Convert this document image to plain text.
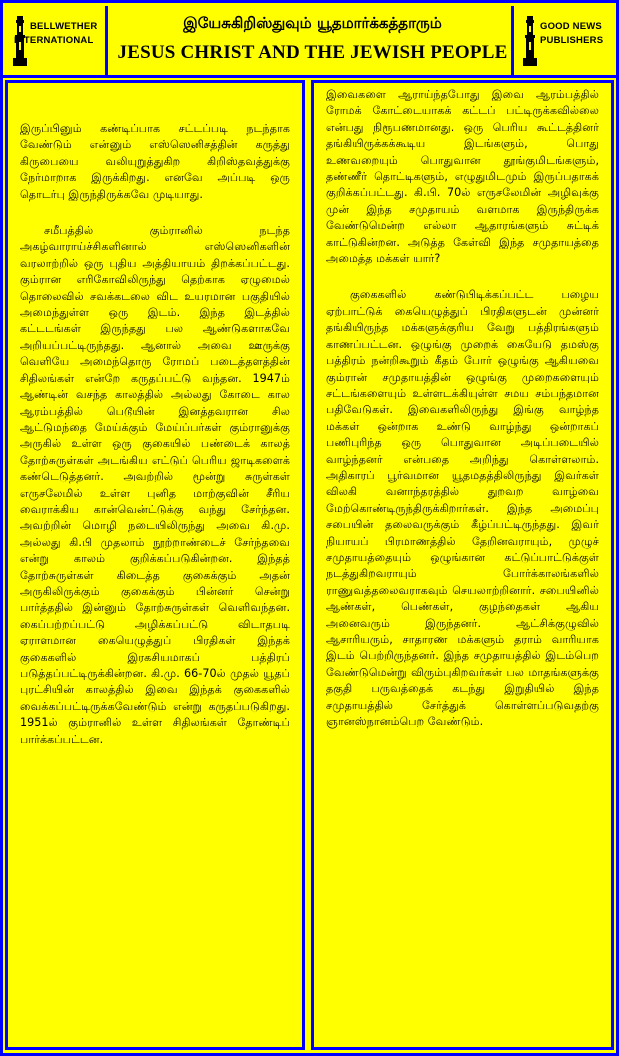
BELLWETHER
INTERNATIONAL
இயேசுகிறிஸ்துவும் யூதமார்க்கத்தாரும்
JESUS CHRIST AND THE JEWISH PEOPLE
GOOD NEWS
PUBLISHERS

இருப்பினும் கண்டிப்பாக சட்டப்படி நடந்தாக வேண்டும் என்னும் எஸ்ஸெனிசத்தின் கருத்து கிருபையை வலியுறுத்துகிற கிறிஸ்தவத்துக்கு நேர்மாறாக இருக்கிறது. எனவே அப்படி ஒரு தொடர்பு இருந்திருக்கவே முடியாது.

சமீபத்தில் கும்ரானில் நடந்த அகழ்வாராய்ச்சிகளினால் எஸ்ஸெனிகளின் வரலாற்றில் ஒரு புதிய அத்தியாயம் திறக்கப்பட்டது. கும்ரான எரிகோவிலிருந்து தெற்காக ஏழுமைல் தொலைவில் சவக்கடலை விட உயரமான பகுதியில் அமைந்துள்ள ஒரு இடம். இந்த இடத்தில் கட்டடங்கள் இருந்தது பல ஆண்டுகளாகவே அறியப்பட்டிருந்தது. ஆனால் அவை ஊருக்கு வெளியே அமைந்தொரு ரோமப் படைத்தளத்தின் சிதிலங்கள் என்றே கருதப்பட்டு வந்தன. 1947ம் ஆண்டின் வசந்த காலத்தில் அல்லது கோடை கால ஆரம்பத்தில் பெடூயின் இனத்தவரான சில ஆட்டுமந்தை மேய்க்கும் மேய்ப்பர்கள் கும்ரானுக்கு அருகில் உள்ள ஒரு குகையில் பண்டைக் காலத் தோற்சுருள்கள் அடங்கிய எட்டுப் பெரிய ஜாடிகளைக் கண்டெடுத்தனர். அவற்றில் மூன்று சுருள்கள் எருசலேமில் உள்ள புனித மாற்குவின் சீரிய வைராக்கிய கான்வென்ட்டுக்கு வந்து சேர்ந்தன. அவற்றின் மொழி நடையிலிருந்து அவை கி.மு. அல்லது கி.பி முதலாம் நூற்றாண்டைச் சேர்ந்தவை என்று காலம் குறிக்கப்படுகின்றன. இந்தத் தோற்சுருள்கள் கிடைத்த குகைக்கும் அதன் அருகிலிருக்கும் குகைக்கும் பின்னர் சென்று பார்த்ததில் இன்னும் தோற்சுருள்கள் வெளிவந்தன. கைப்பற்றப்பட்டு அழிக்கப்பட்டு விடாதபடி ஏராளமான கையெழுத்துப் பிரதிகள் இந்தக் குகைகளில் இரகசியமாகப் பத்திரப் படுத்தப்பட்டிருக்கின்றன. கி.மு. 66-70ல் முதல் யூதப் புரட்சியின் காலத்தில் இவை இந்தக் குகைகளில் வைக்கப்பட்டிருக்கவேண்டும் என்று கருதப்படுகிறது. 1951ல் கும்ரானில் உள்ள சிதிலங்கள் தோண்டிப் பார்க்கப்பட்டன.

இவைகளை ஆராய்ந்தபோது இவை ஆரம்பத்தில் ரோமக் கோட்டையாகக் கட்டப் பட்டிருக்கவில்லை என்பது நிரூபணமானது. ஒரு பெரிய கூட்டத்தினர் தங்கியிருக்கக்கூடிய இடங்களும், பொது உணவறையும் பொதுவான தூங்குமிடங்களும், தண்ணீர் தொட்டிகளும், எழுதுமிடமும் இருப்பதாகக் குறிக்கப்பட்டது. கி.பி. 70ல் எருசலேமின் அழிவுக்கு முன் இந்த சமுதாயம் வளமாக இருந்திருக்க வேண்டுமென்ற எல்லா ஆதாரங்களும் சுட்டிக் காட்டுகின்றன. அடுத்த கேள்வி இந்த சமுதாயத்தை அமைத்த மக்கள் யார்?

குகைகளில் கண்டுபிடிக்கப்பட்ட பழைய ஏற்பாட்டுக் கையெழுத்துப் பிரதிகளுடன் முன்னர் தங்கியிருந்த மக்களுக்குரிய வேறு பத்திரங்களும் காணப்பட்டன. ஒழுங்கு முறைக் கையேடு தமஸ்கு பத்திரம் நன்றிகூறும் கீதம் போர் ஒழுங்கு ஆகியவை கும்ரான் சமுதாயத்தின் ஒழுங்கு முறைகளையும் சட்டங்களையும் உள்ளடக்கியுள்ள சமய சம்பந்தமான பதிவேடுகள். இவைகளிலிருந்து இங்கு வாழ்ந்த மக்கள் ஒன்றாக உண்டு வாழ்ந்து ஒன்றாகப் பணிபுரிந்த ஒரு பொதுவான அடிப்படையில் வாழ்ந்தனர் என்பதை அறிந்து கொள்ளலாம். அதிகாரப் பூர்வமான யூதமதத்திலிருந்து இவர்கள் விலகி வனாந்தரத்தில் துறவற வாழ்வை மேற்கொண்டிருந்திருக்கிறார்கள். இந்த அமைப்பு சபையின் தலைவருக்கும் கீழ்ப்பட்டிருந்தது. இவர் நியாயப் பிரமாணத்தில் தேறினவராயும், முழுச் சமுதாயத்தையும் ஒழுங்கான கட்டுப்பாட்டுக்குள் நடத்துகிறவராயும் போர்க்காலங்களில் ராணுவத்தலைவராகவும் செயலாற்றினார். சபையினில் ஆண்கள், பெண்கள், குழந்தைகள் ஆகிய அனைவரும் இருந்தனர். ஆட்சிக்குழுவில் ஆசாரியரும், சாதாரண மக்களும் தராம் வாரியாக இடம் பெற்றிருந்தனர். இந்த சமுதாயத்தில் இடம்பெற வேண்டுமென்று விரும்புகிறவர்கள் பல மாதங்களுக்கு தகுதி பருவத்தைக் கடந்து இறுதியில் இந்த சமுதாயத்தில் சேர்த்துக் கொள்ளப்படுவதற்கு ஞானஸ்நானம்பெற வேண்டும்.
